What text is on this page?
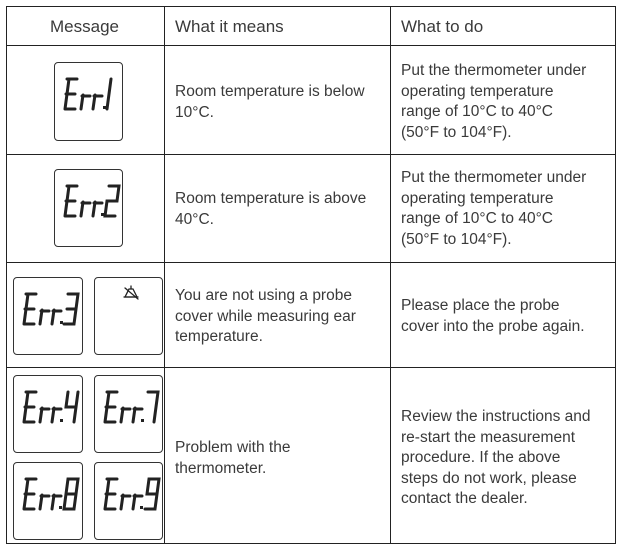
Message	What it means	What to do
Room temperature is below
10°C.
Put the thermometer under
operating temperature
range of 10°C to 40°C
(50°F to 104°F).
Room temperature is above
40°C.
Put the thermometer under
operating temperature
range of 10°C to 40°C
(50°F to 104°F).
You are not using a probe
cover while measuring ear
temperature.
Please place the probe
cover into the probe again.
Problem with the
thermometer.
Review the instructions and
re-start the measurement
procedure. If the above
steps do not work, please
contact the dealer.
